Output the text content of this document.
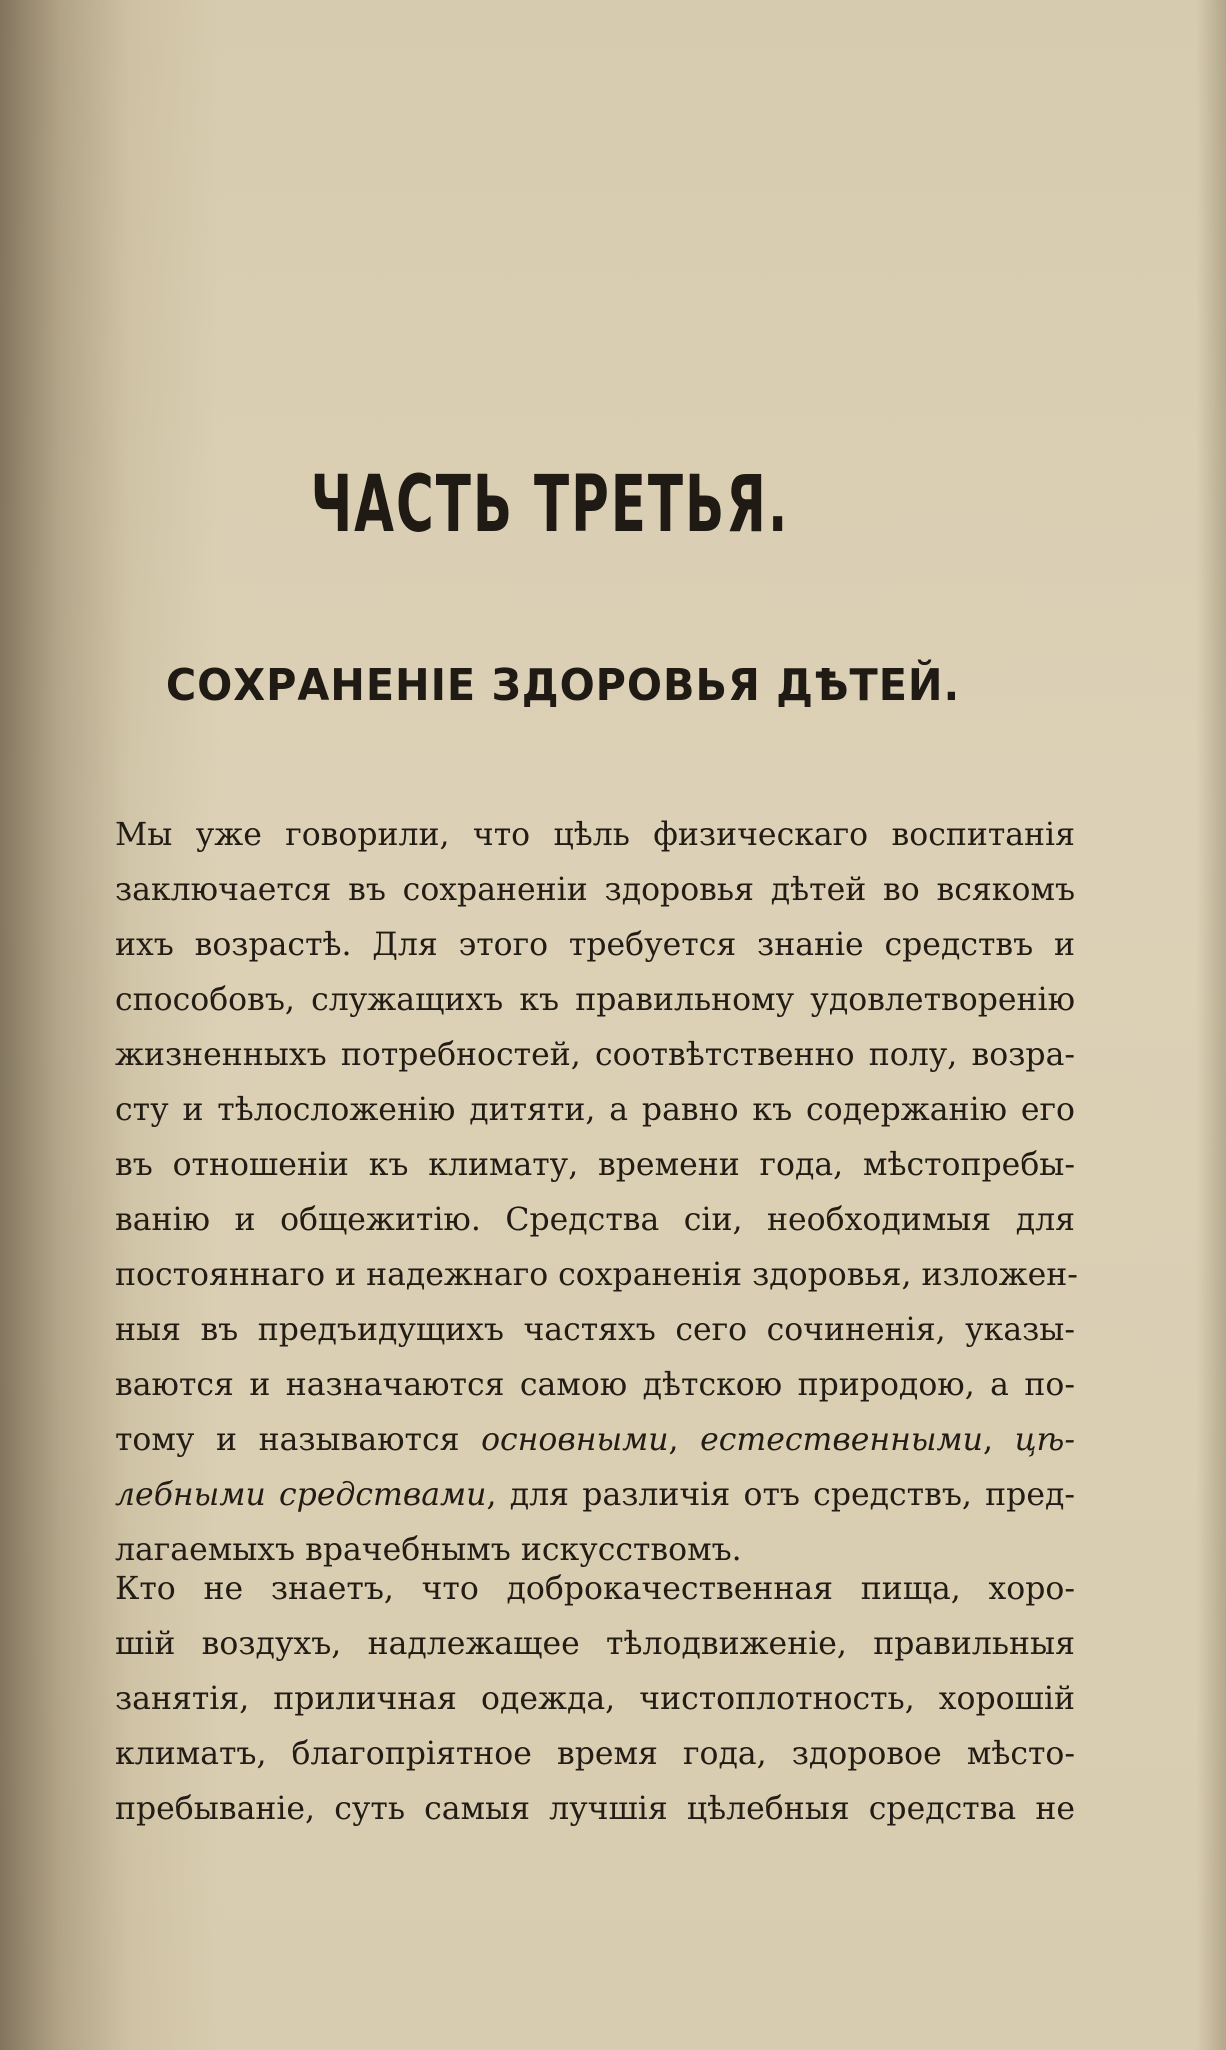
ЧАСТЬ ТРЕТЬЯ.
СОХРАНЕНІЕ ЗДОРОВЬЯ ДѢТЕЙ.
Мы уже говорили, что цѣль физическаго воспитанія
заключается въ сохраненіи здоровья дѣтей во всякомъ
ихъ возрастѣ. Для этого требуется знаніе средствъ и
способовъ, служащихъ къ правильному удовлетворенію
жизненныхъ потребностей, соотвѣтственно полу, возра-
сту и тѣлосложенію дитяти, а равно къ содержанію его
въ отношеніи къ климату, времени года, мѣстопребы-
ванію и общежитію. Средства сіи, необходимыя для
постояннаго и надежнаго сохраненія здоровья, изложен-
ныя въ предъидущихъ частяхъ сего сочиненія, указы-
ваются и назначаются самою дѣтскою природою, а по-
тому и называются основными, естественными, цѣ-
лебными средствами, для различія отъ средствъ, пред-
лагаемыхъ врачебнымъ искусствомъ.
Кто не знаетъ, что доброкачественная пища, хоро-
шій воздухъ, надлежащее тѣлодвиженіе, правильныя
занятія, приличная одежда, чистоплотность, хорошій
климатъ, благопріятное время года, здоровое мѣсто-
пребываніе, суть самыя лучшія цѣлебныя средства не
